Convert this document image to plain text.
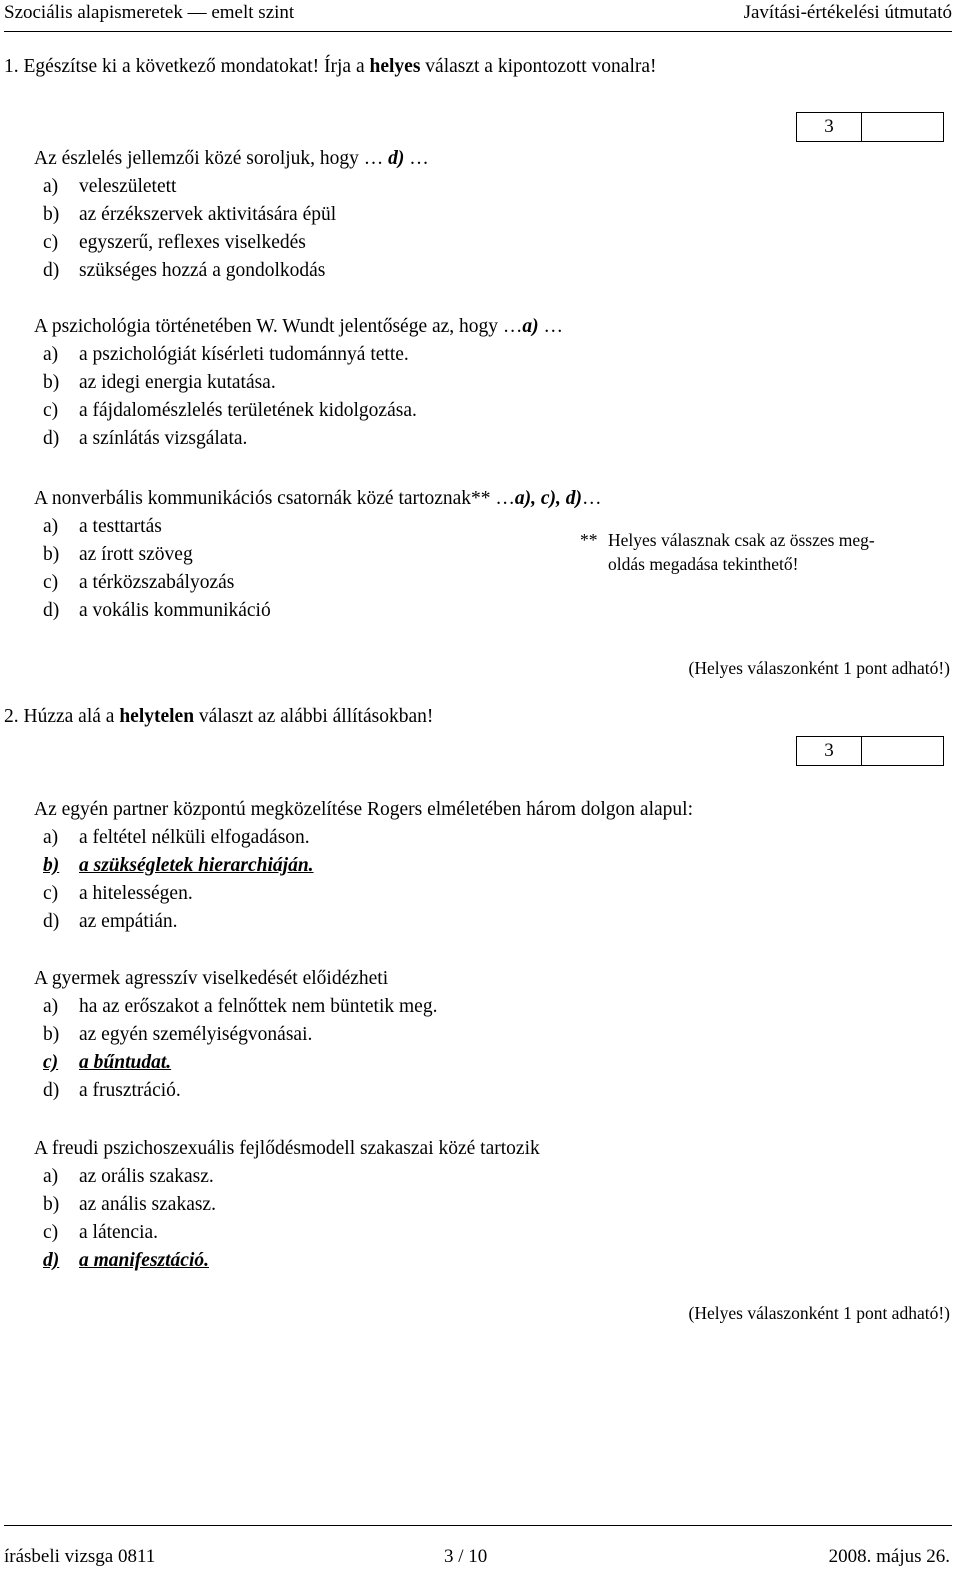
Szociális alapismeretek — emelt szint	Javítási-értékelési útmutató
1. Egészítse ki a következő mondatokat! Írja a helyes választ a kipontozott vonalra!
3
Az észlelés jellemzői közé soroljuk, hogy … d) …
a) veleszületett
b) az érzékszervek aktivitására épül
c) egyszerű, reflexes viselkedés
d) szükséges hozzá a gondolkodás
A pszichológia történetében W. Wundt jelentősége az, hogy …a) …
a) a pszichológiát kísérleti tudománnyá tette.
b) az idegi energia kutatása.
c) a fájdalomészlelés területének kidolgozása.
d) a színlátás vizsgálata.
A nonverbális kommunikációs csatornák közé tartoznak** …a), c), d)…
a) a testtartás
b) az írott szöveg
c) a térközszabályozás
d) a vokális kommunikáció
** Helyes válasznak csak az összes meg-
oldás megadása tekinthető!
(Helyes válaszonként 1 pont adható!)
2. Húzza alá a helytelen választ az alábbi állításokban!
3
Az egyén partner központú megközelítése Rogers elméletében három dolgon alapul:
a) a feltétel nélküli elfogadáson.
b) a szükségletek hierarchiáján.
c) a hitelességen.
d) az empátián.
A gyermek agresszív viselkedését előidézheti
a) ha az erőszakot a felnőttek nem büntetik meg.
b) az egyén személyiségvonásai.
c) a bűntudat.
d) a frusztráció.
A freudi pszichoszexuális fejlődésmodell szakaszai közé tartozik
a) az orális szakasz.
b) az anális szakasz.
c) a látencia.
d) a manifesztáció.
(Helyes válaszonként 1 pont adható!)
írásbeli vizsga 0811	3 / 10	2008. május 26.
